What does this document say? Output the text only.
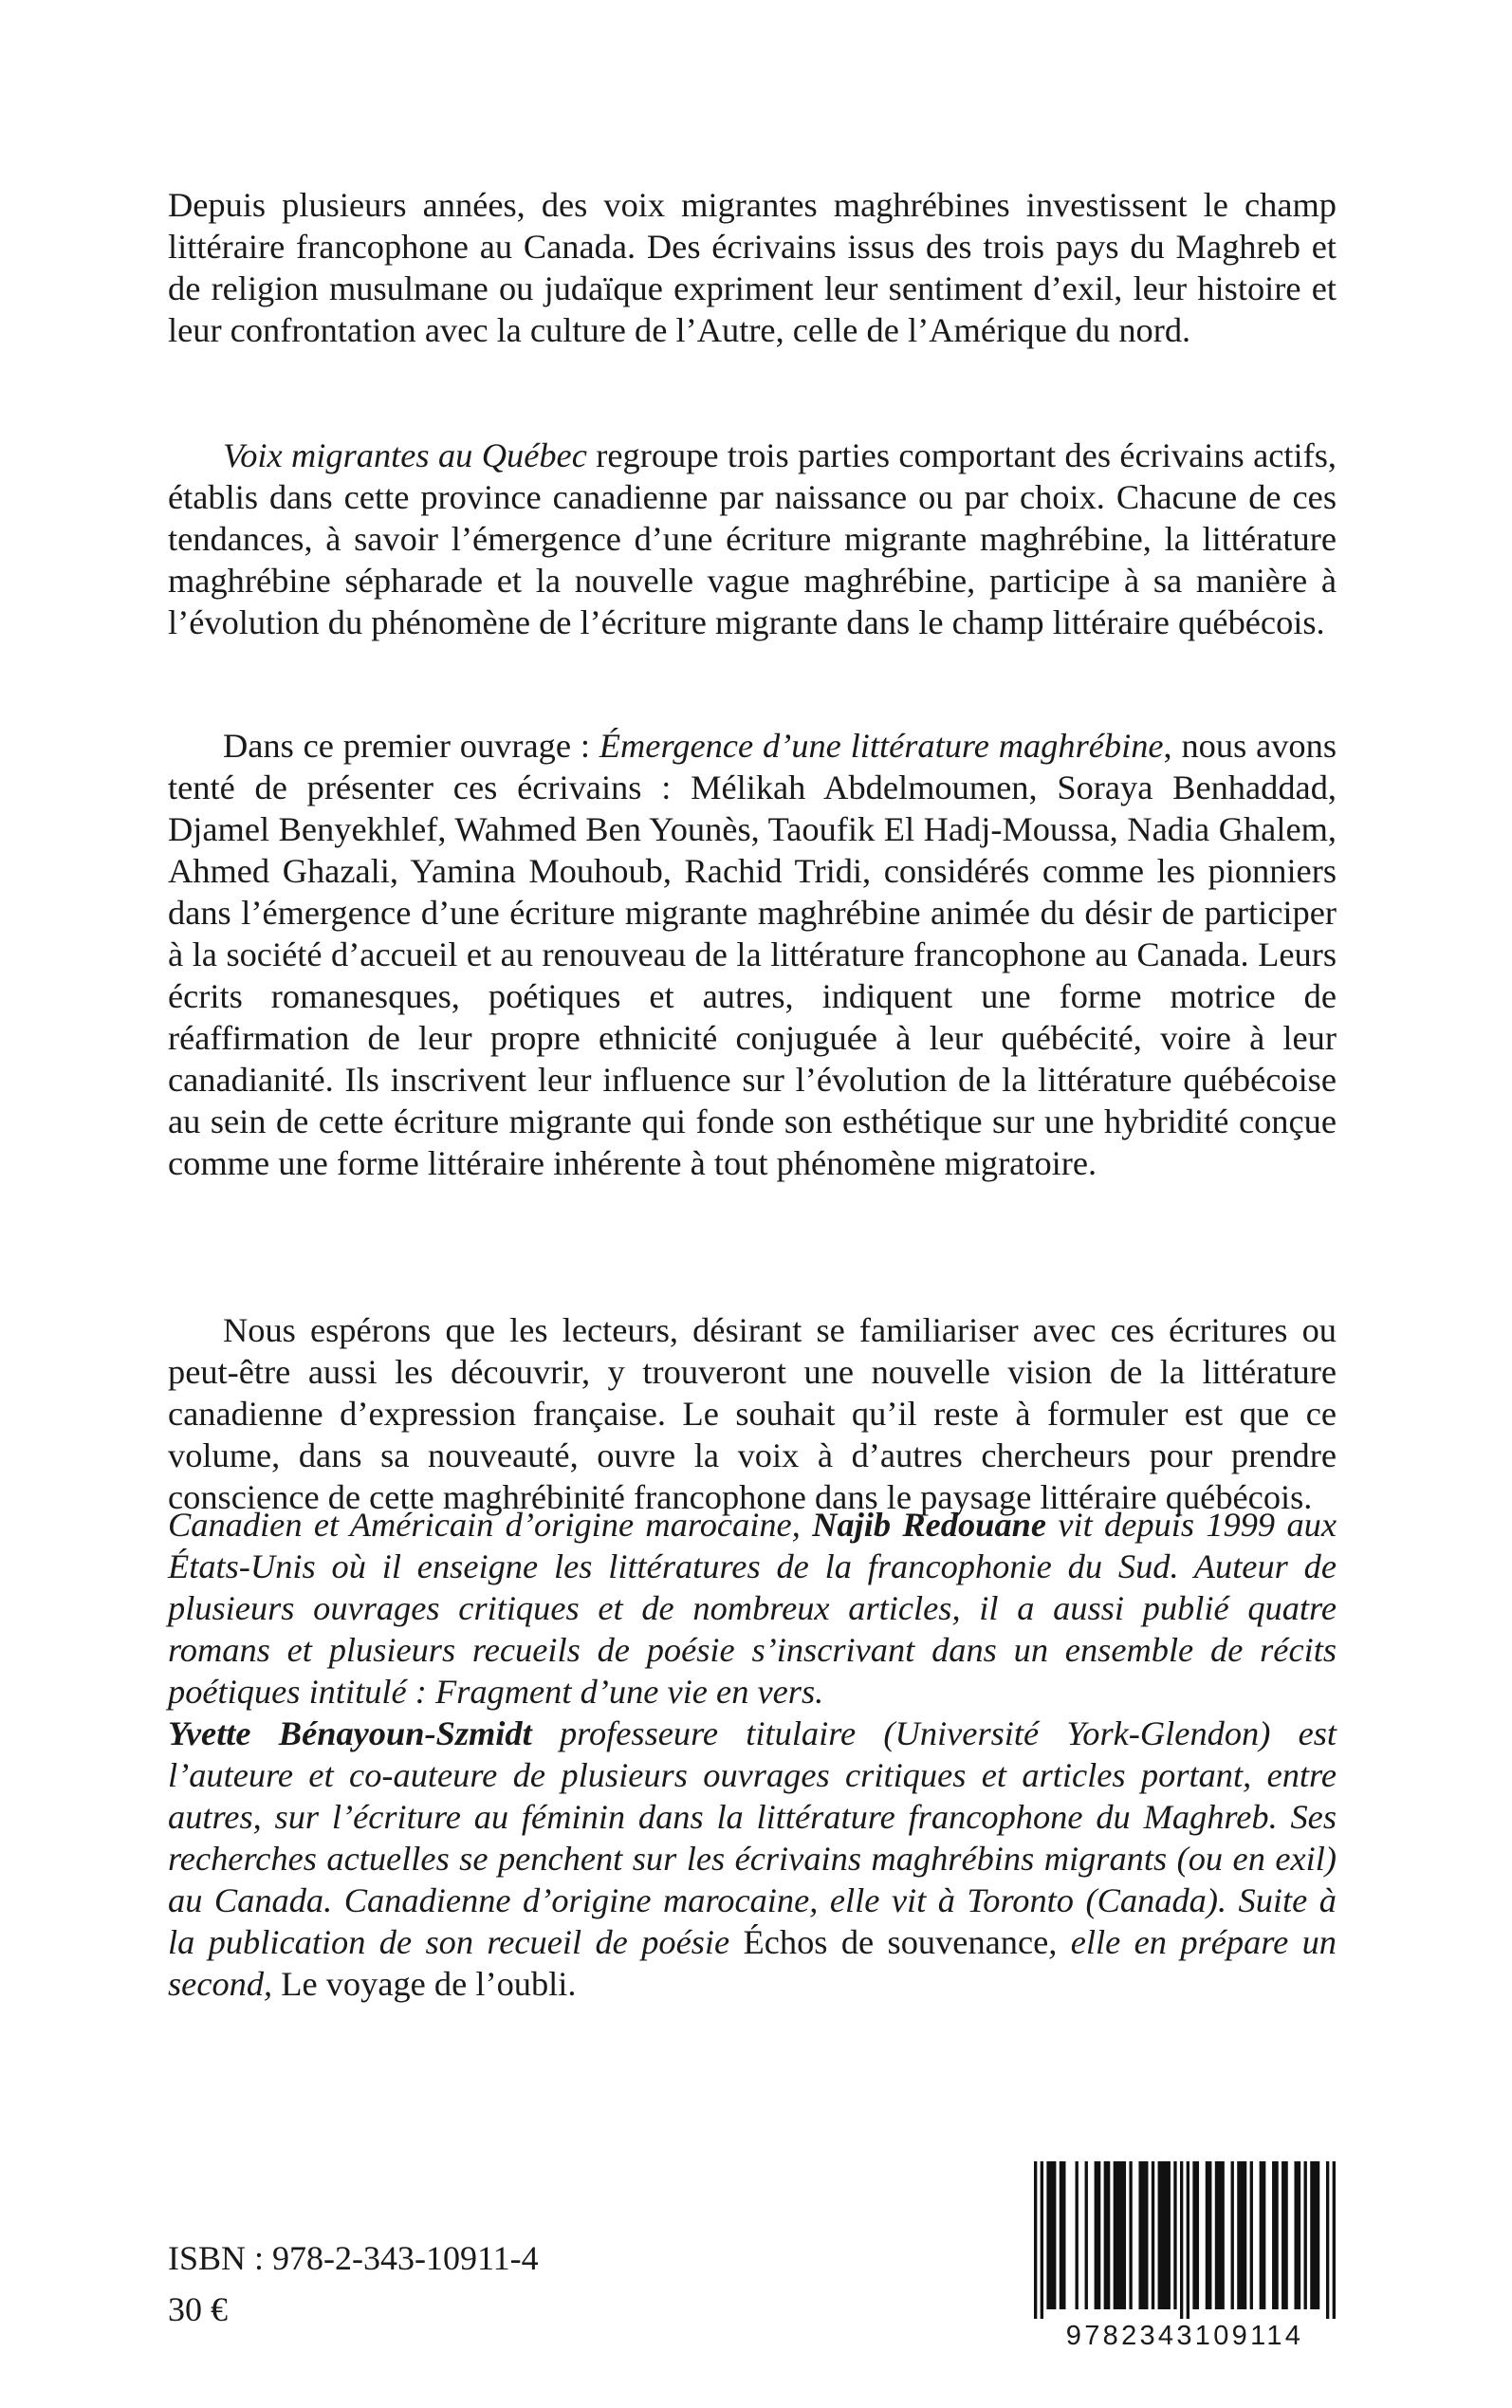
Depuis plusieurs années, des voix migrantes maghrébines investissent le champ littéraire francophone au Canada. Des écrivains issus des trois pays du Maghreb et de religion musulmane ou judaïque expriment leur sentiment d’exil, leur histoire et leur confrontation avec la culture de l’Autre, celle de l’Amérique du nord.

Voix migrantes au Québec regroupe trois parties comportant des écrivains actifs, établis dans cette province canadienne par naissance ou par choix. Chacune de ces tendances, à savoir l’émergence d’une écriture migrante maghrébine, la littérature maghrébine sépharade et la nouvelle vague maghrébine, participe à sa manière à l’évolution du phénomène de l’écriture migrante dans le champ littéraire québécois.

Dans ce premier ouvrage : Émergence d’une littérature maghrébine, nous avons tenté de présenter ces écrivains : Mélikah Abdelmoumen, Soraya Benhaddad, Djamel Benyekhlef, Wahmed Ben Younès, Taoufik El Hadj-Moussa, Nadia Ghalem, Ahmed Ghazali, Yamina Mouhoub, Rachid Tridi, considérés comme les pionniers dans l’émergence d’une écriture migrante maghrébine animée du désir de participer à la société d’accueil et au renouveau de la littérature francophone au Canada. Leurs écrits romanesques, poétiques et autres, indiquent une forme motrice de réaffirmation de leur propre ethnicité conjuguée à leur québécité, voire à leur canadianité. Ils inscrivent leur influence sur l’évolution de la littérature québécoise au sein de cette écriture migrante qui fonde son esthétique sur une hybridité conçue comme une forme littéraire inhérente à tout phénomène migratoire.

Nous espérons que les lecteurs, désirant se familiariser avec ces écritures ou peut-être aussi les découvrir, y trouveront une nouvelle vision de la littérature canadienne d’expression française. Le souhait qu’il reste à formuler est que ce volume, dans sa nouveauté, ouvre la voix à d’autres chercheurs pour prendre conscience de cette maghrébinité francophone dans le paysage littéraire québécois.

Canadien et Américain d’origine marocaine, Najib Redouane vit depuis 1999 aux États-Unis où il enseigne les littératures de la francophonie du Sud. Auteur de plusieurs ouvrages critiques et de nombreux articles, il a aussi publié quatre romans et plusieurs recueils de poésie s’inscrivant dans un ensemble de récits poétiques intitulé : Fragment d’une vie en vers.

Yvette Bénayoun-Szmidt professeure titulaire (Université York-Glendon) est l’auteure et co-auteure de plusieurs ouvrages critiques et articles portant, entre autres, sur l’écriture au féminin dans la littérature francophone du Maghreb. Ses recherches actuelles se penchent sur les écrivains maghrébins migrants (ou en exil) au Canada. Canadienne d’origine marocaine, elle vit à Toronto (Canada). Suite à la publication de son recueil de poésie Échos de souvenance, elle en prépare un second, Le voyage de l’oubli.

ISBN : 978-2-343-10911-4
30 €
9782343109114
